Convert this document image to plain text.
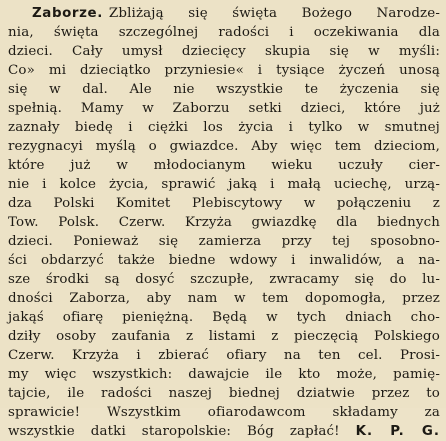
Zaborze. Zbliżają się święta Bożego Narodze-
nia, święta szczególnej radości i oczekiwania dla
dzieci. Cały umysł dziecięcy skupia się w myśli:
Co» mi dzieciątko przyniesie« i tysiące życzeń unosą
się w dal. Ale nie wszystkie te życzenia się
spełnią. Mamy w Zaborzu setki dzieci, które już
zaznały biedę i ciężki los życia i tylko w smutnej
rezygnacyi myślą o gwiazdce. Aby więc tem dzieciom,
które już w młodocianym wieku uczuły cier-
nie i kolce życia, sprawić jaką i małą uciechę, urzą-
dza Polski Komitet Plebiscytowy w połączeniu z
Tow. Polsk. Czerw. Krzyża gwiazdkę dla biednych
dzieci. Ponieważ się zamierza przy tej sposobno-
ści obdarzyć także biedne wdowy i inwalidów, a na-
sze środki są dosyć szczupłe, zwracamy się do lu-
dności Zaborza, aby nam w tem dopomogła, przez
jakąś ofiarę pieniężną. Będą w tych dniach cho-
dziły osoby zaufania z listami z pieczęcią Polskiego
Czerw. Krzyża i zbierać ofiary na ten cel. Prosi-
my więc wszystkich: dawajcie ile kto może, pamię-
tajcie, ile radości naszej biednej dziatwie przez to
sprawicie! Wszystkim ofiarodawcom składamy za
wszystkie datki staropolskie: Bóg zapłać! K. P. G.
